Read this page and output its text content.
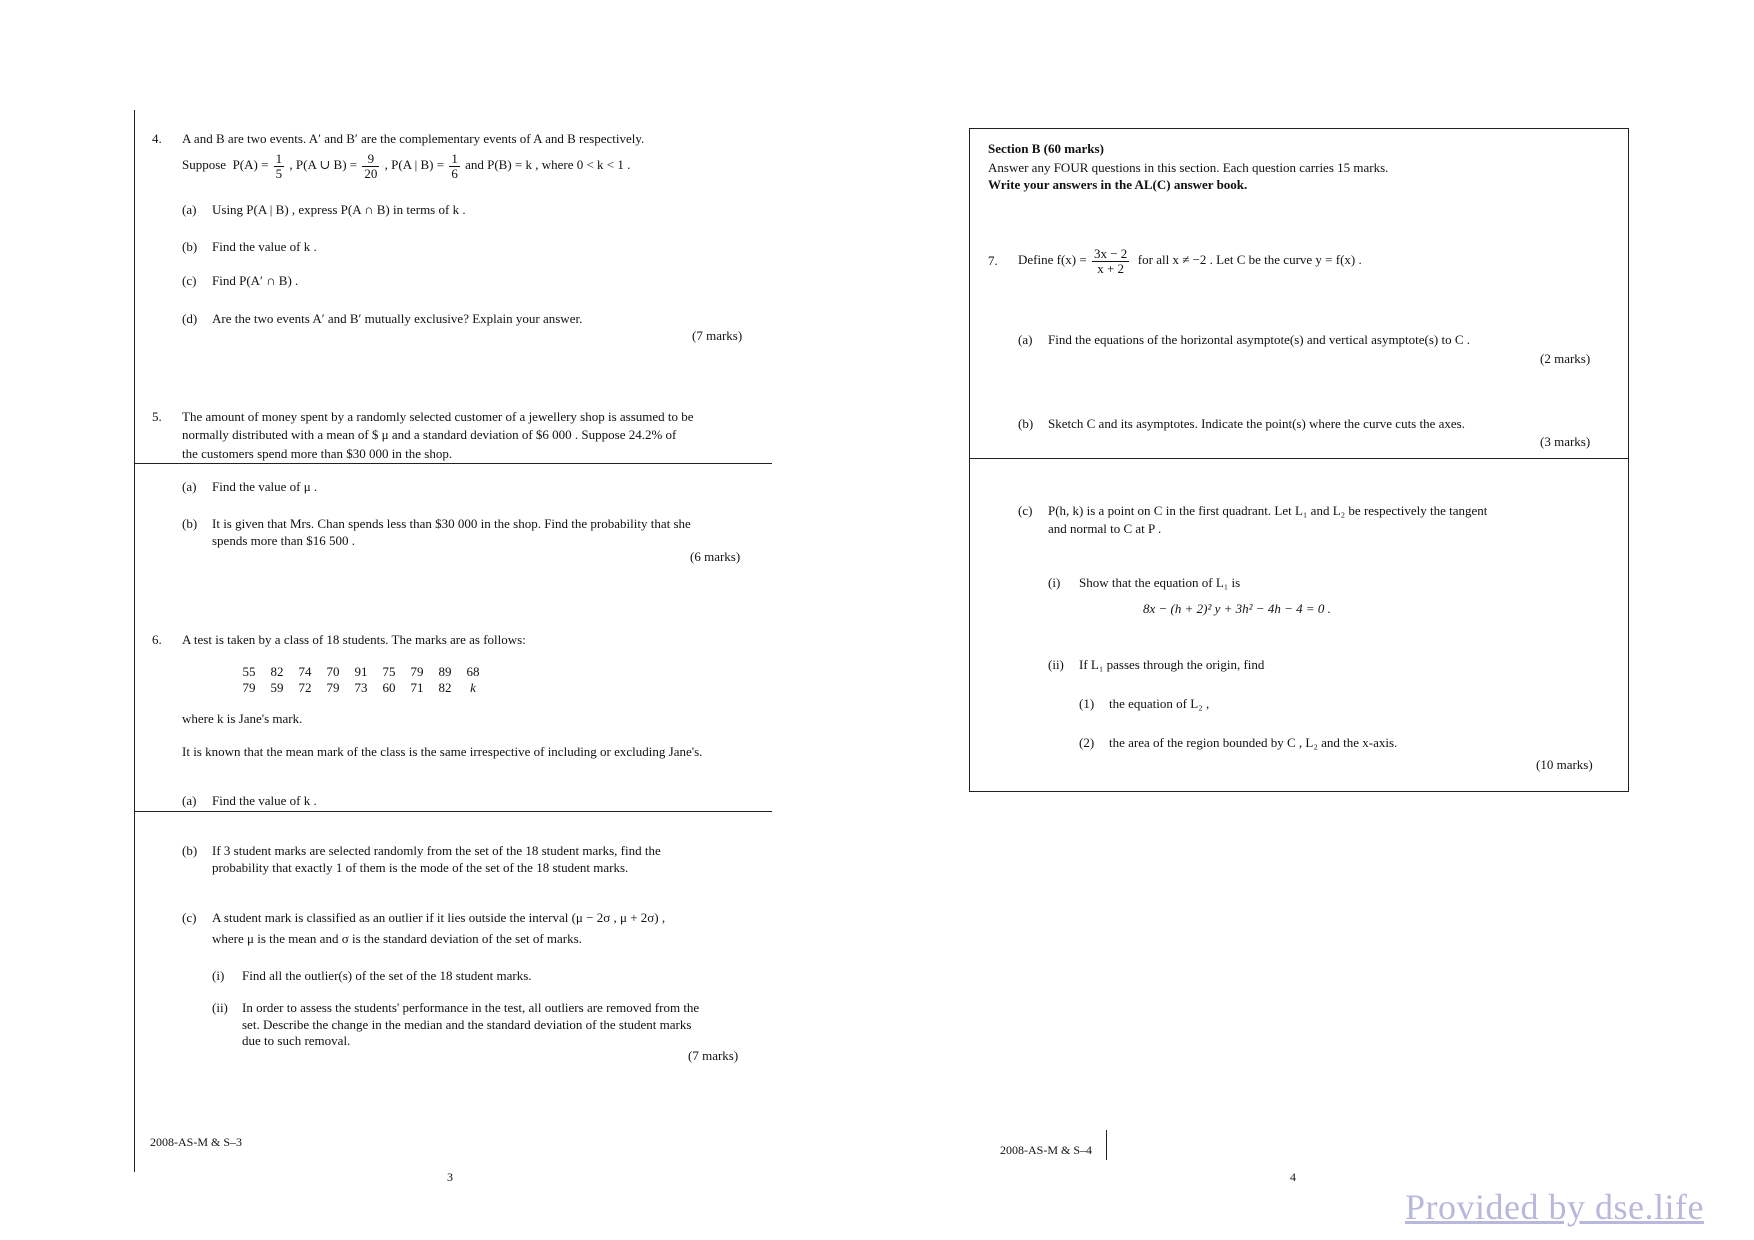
4. A and B are two events. A′ and B′ are the complementary events of A and B respectively.
Suppose $P(A) = \frac{1}{5}$ , P(A ∪ $B) = \frac{9}{20}$ , P(A | $B) = \frac{1}{6}$ and P(B) = k , where 0 < k < 1 .
(a) Using P(A | B) , express P(A ∩ B) in terms of k .
(b) Find the value of k .
(c) Find P(A′ ∩ B) .
(d) Are the two events A′ and B′ mutually exclusive? Explain your answer.
(7 marks)
5. The amount of money spent by a randomly selected customer of a jewellery shop is assumed to be
normally distributed with a mean of $ μ and a standard deviation of $6 000 . Suppose 24.2% of
the customers spend more than $30 000 in the shop.
(a) Find the value of μ .
(b) It is given that Mrs. Chan spends less than $30 000 in the shop. Find the probability that she
spends more than $16 500 .
(6 marks)
6. A test is taken by a class of 18 students. The marks are as follows:
55 82 74 70 91 75 79 89 68
79 59 72 79 73 60 71 82 k
where k is Jane's mark.
It is known that the mean mark of the class is the same irrespective of including or excluding Jane's.
(a) Find the value of k .
(b) If 3 student marks are selected randomly from the set of the 18 student marks, find the
probability that exactly 1 of them is the mode of the set of the 18 student marks.
(c) A student mark is classified as an outlier if it lies outside the interval (μ − 2σ , μ + 2σ) ,
where μ is the mean and σ is the standard deviation of the set of marks.
(i) Find all the outlier(s) of the set of the 18 student marks.
(ii) In order to assess the students' performance in the test, all outliers are removed from the
set. Describe the change in the median and the standard deviation of the student marks
due to such removal.
(7 marks)
2008-AS-M & S–3
3
Section B (60 marks)
Answer any FOUR questions in this section. Each question carries 15 marks.
Write your answers in the AL(C) answer book.
7. Define $f(x) = \frac{3x - 2}{x + 2}$ for all x ≠ −2 . Let C be the curve y = f(x) .
(a) Find the equations of the horizontal asymptote(s) and vertical asymptote(s) to C .
(2 marks)
(b) Sketch C and its asymptotes. Indicate the point(s) where the curve cuts the axes.
(3 marks)
(c) P(h, k) is a point on C in the first quadrant. Let L₁ and L₂ be respectively the tangent
and normal to C at P .
(i) Show that the equation of L₁ is
8x − (h + 2)² y + 3h² − 4h − 4 = 0 .
(ii) If L₁ passes through the origin, find
(1) the equation of L₂ ,
(2) the area of the region bounded by C , L₂ and the x-axis.
(10 marks)
2008-AS-M & S–4
4
Provided by dse.life
